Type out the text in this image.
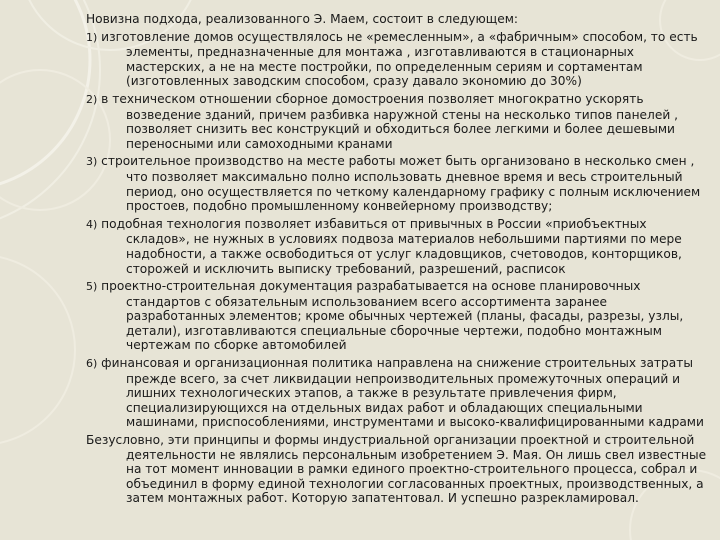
Новизна подхода, реализованного Э. Маем, состоит в следующем:
1) изготовление домов осуществлялось не «ремесленным», а «фабричным» способом, то есть элементы, предназначенные для монтажа , изготавливаются в стационарных мастерских, а не на месте постройки, по определенным сериям и сортаментам (изготовленных заводским способом, сразу давало экономию до 30%)
2) в техническом отношении сборное домостроения позволяет многократно ускорять возведение зданий, причем разбивка наружной стены на несколько типов панелей , позволяет снизить вес конструкций и обходиться более легкими и более дешевыми переносными или самоходными кранами
3) строительное производство на месте работы может быть организовано в несколько смен , что позволяет максимально полно использовать дневное время и весь строительный период, оно осуществляется по четкому календарному графику с полным исключением простоев, подобно промышленному конвейерному производству;
4) подобная технология позволяет избавиться от привычных в России «приобъектных складов», не нужных в условиях подвоза материалов небольшими партиями по мере надобности, а также освободиться от услуг кладовщиков, счетоводов, конторщиков, сторожей и исключить выписку требований, разрешений, расписок
5) проектно-строительная документация разрабатывается на основе планировочных стандартов с обязательным использованием всего ассортимента заранее разработанных элементов; кроме обычных чертежей (планы, фасады, разрезы, узлы, детали), изготавливаются специальные сборочные чертежи, подобно монтажным чертежам по сборке автомобилей
6) финансовая и организационная политика направлена на снижение строительных затраты прежде всего, за счет ликвидации непроизводительных промежуточных операций и лишних технологических этапов, а также в результате привлечения фирм, специализирующихся на отдельных видах работ и обладающих специальными машинами, приспособлениями, инструментами и высоко-квалифицированными кадрами
Безусловно, эти принципы и формы индустриальной организации проектной и строительной деятельности не являлись персональным изобретением Э. Мая. Он лишь свел известные на тот момент инновации в рамки единого проектно-строительного процесса, собрал и объединил в форму единой технологии согласованных проектных, производственных, а затем монтажных работ. Которую запатентовал. И успешно разрекламировал.
